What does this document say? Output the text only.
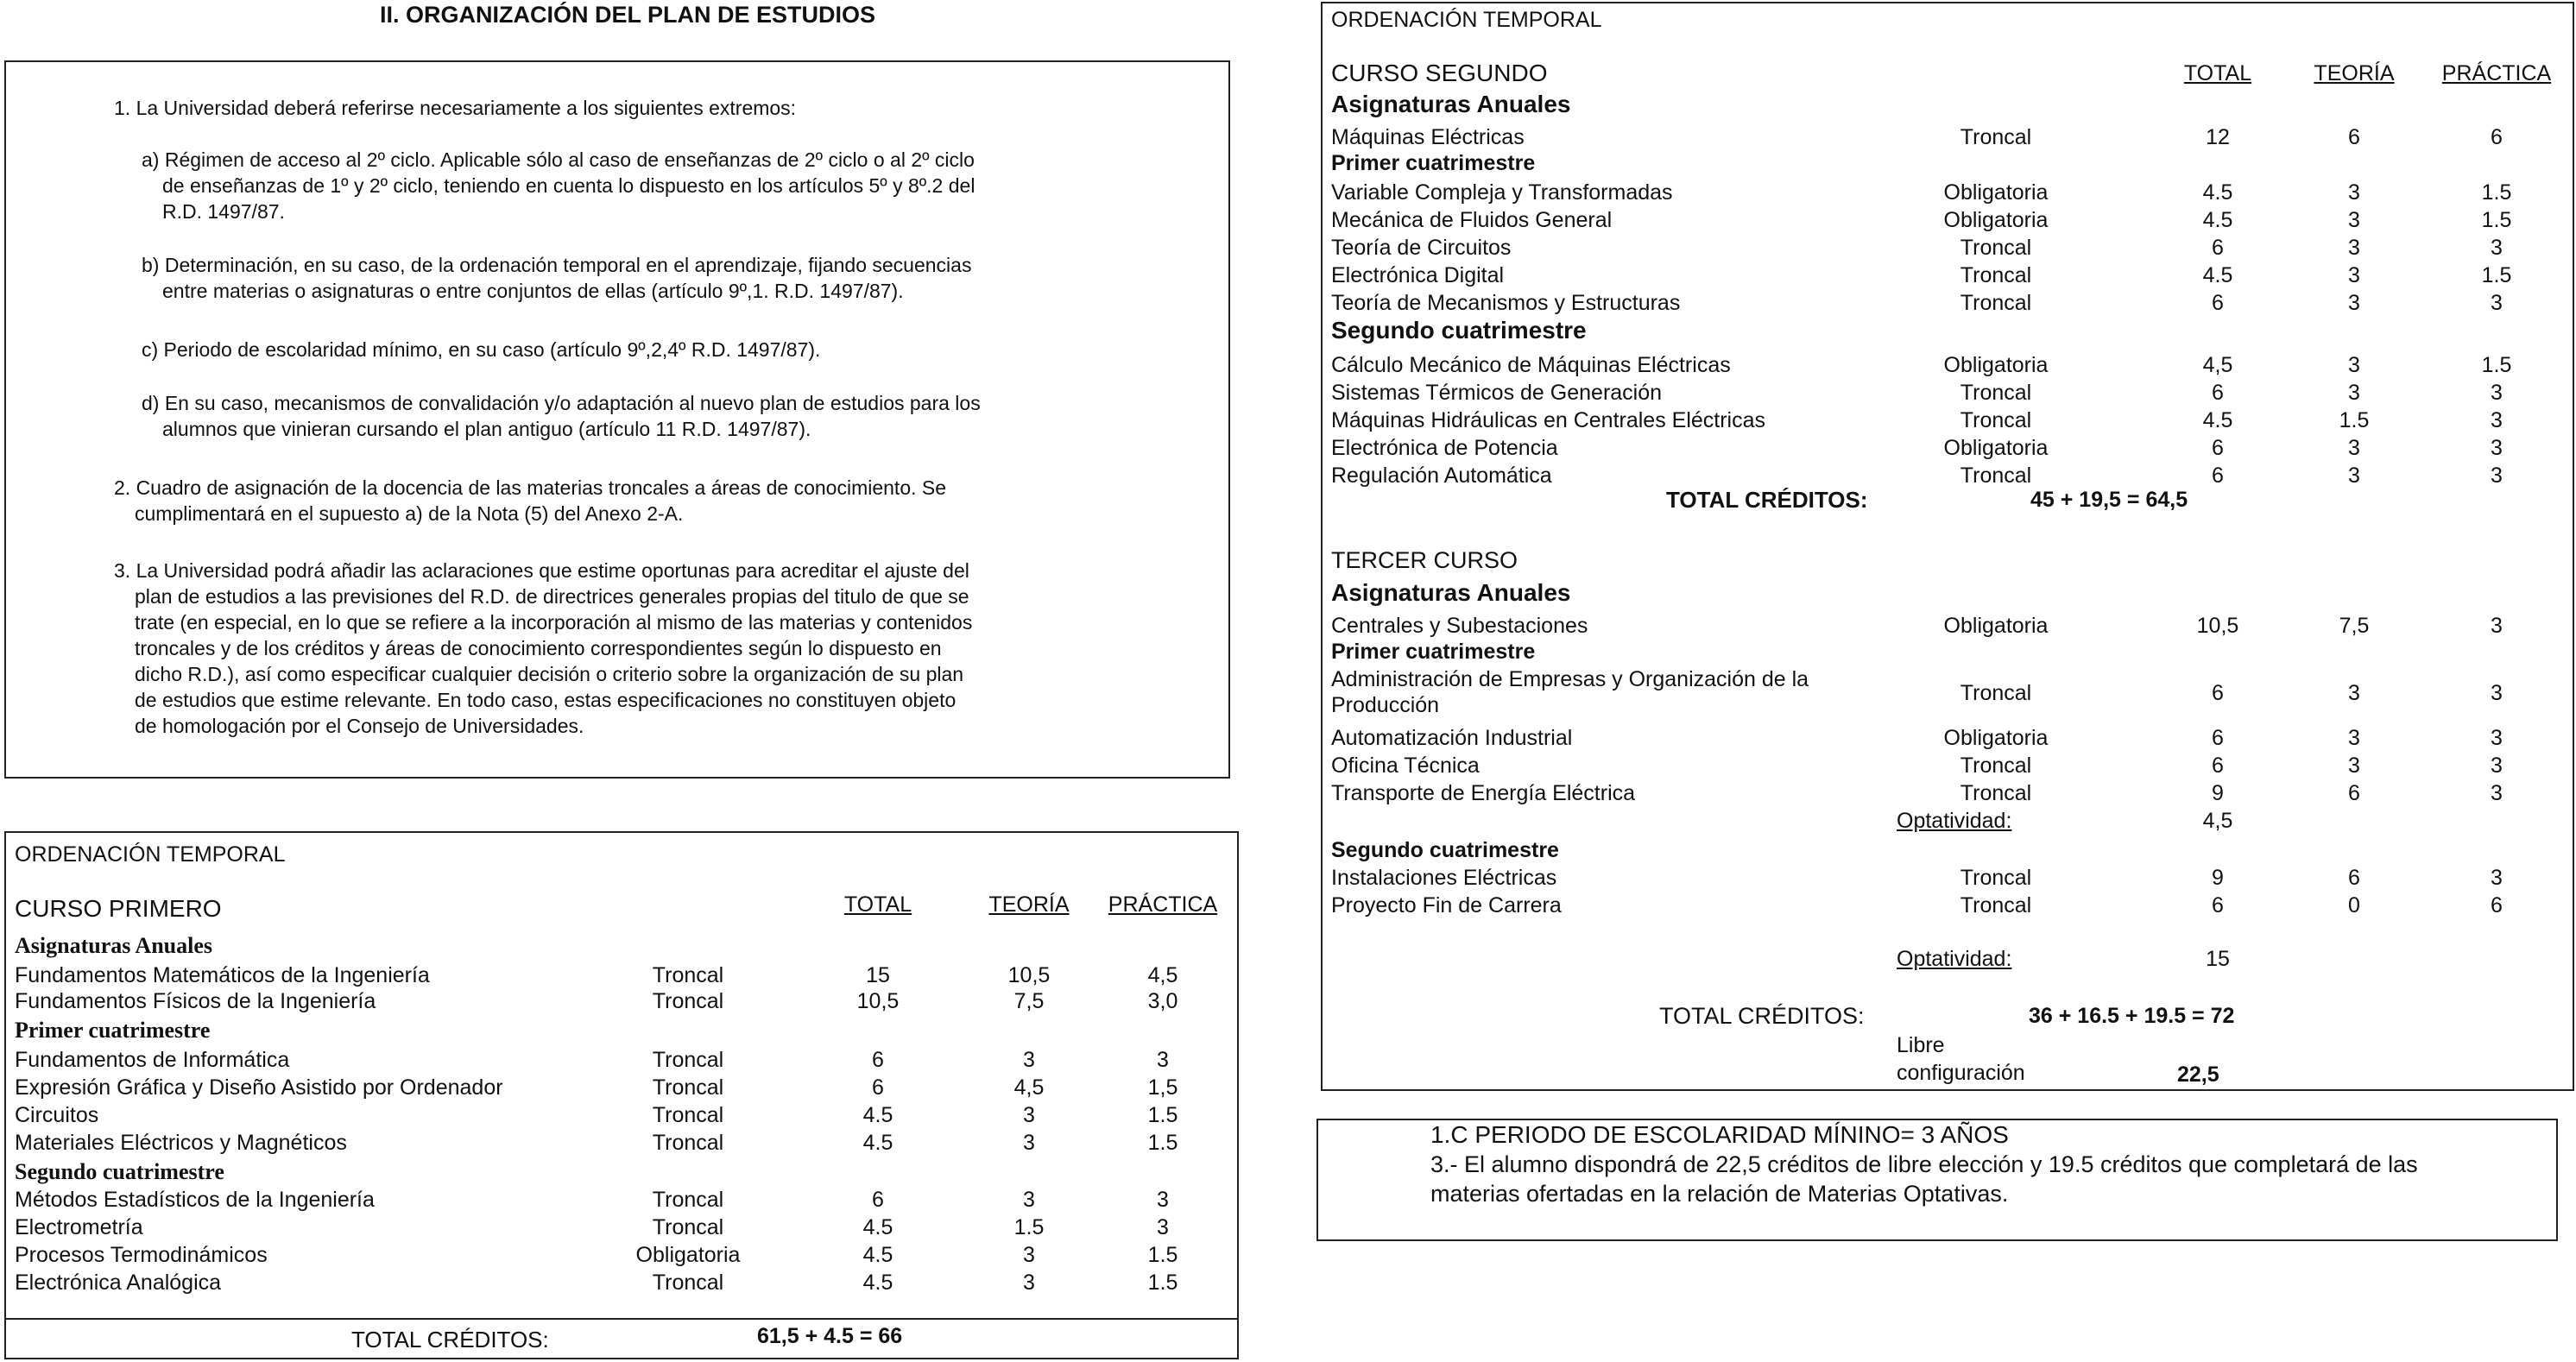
II. ORGANIZACIÓN DEL PLAN DE ESTUDIOS
1. La Universidad deberá referirse necesariamente a los siguientes extremos:
a) Régimen de acceso al 2º ciclo. Aplicable sólo al caso de enseñanzas de 2º ciclo o al 2º ciclo
de enseñanzas de 1º y 2º ciclo, teniendo en cuenta lo dispuesto en los artículos 5º y 8º.2 del
R.D. 1497/87.
b) Determinación, en su caso, de la ordenación temporal en el aprendizaje, fijando secuencias
entre materias o asignaturas o entre conjuntos de ellas (artículo 9º,1. R.D. 1497/87).
c) Periodo de escolaridad mínimo, en su caso (artículo 9º,2,4º R.D. 1497/87).
d) En su caso, mecanismos de convalidación y/o adaptación al nuevo plan de estudios para los
alumnos que vinieran cursando el plan antiguo (artículo 11 R.D. 1497/87).
2. Cuadro de asignación de la docencia de las materias troncales a áreas de conocimiento. Se
cumplimentará en el supuesto a) de la Nota (5) del Anexo 2-A.
3. La Universidad podrá añadir las aclaraciones que estime oportunas para acreditar el ajuste del
plan de estudios a las previsiones del R.D. de directrices generales propias del titulo de que se
trate (en especial, en lo que se refiere a la incorporación al mismo de las materias y contenidos
troncales y de los créditos y áreas de conocimiento correspondientes según lo dispuesto en
dicho R.D.), así como especificar cualquier decisión o criterio sobre la organización de su plan
de estudios que estime relevante. En todo caso, estas especificaciones no constituyen objeto
de homologación por el Consejo de Universidades.
ORDENACIÓN TEMPORAL
CURSO PRIMERO	TOTAL	TEORÍA	PRÁCTICA
Asignaturas Anuales
Fundamentos Matemáticos de la Ingeniería	Troncal	15	10,5	4,5
Fundamentos Físicos de la Ingeniería	Troncal	10,5	7,5	3,0
Primer cuatrimestre
Fundamentos de Informática	Troncal	6	3	3
Expresión Gráfica y Diseño Asistido por Ordenador	Troncal	6	4,5	1,5
Circuitos	Troncal	4.5	3	1.5
Materiales Eléctricos y Magnéticos	Troncal	4.5	3	1.5
Segundo cuatrimestre
Métodos Estadísticos de la Ingeniería	Troncal	6	3	3
Electrometría	Troncal	4.5	1.5	3
Procesos Termodinámicos	Obligatoria	4.5	3	1.5
Electrónica Analógica	Troncal	4.5	3	1.5
TOTAL CRÉDITOS:	61,5 + 4.5 = 66
ORDENACIÓN TEMPORAL
CURSO SEGUNDO	TOTAL	TEORÍA	PRÁCTICA
Asignaturas Anuales
Máquinas Eléctricas	Troncal	12	6	6
Primer cuatrimestre
Variable Compleja y Transformadas	Obligatoria	4.5	3	1.5
Mecánica de Fluidos General	Obligatoria	4.5	3	1.5
Teoría de Circuitos	Troncal	6	3	3
Electrónica Digital	Troncal	4.5	3	1.5
Teoría de Mecanismos y Estructuras	Troncal	6	3	3
Segundo cuatrimestre
Cálculo Mecánico de Máquinas Eléctricas	Obligatoria	4,5	3	1.5
Sistemas Térmicos de Generación	Troncal	6	3	3
Máquinas Hidráulicas en Centrales Eléctricas	Troncal	4.5	1.5	3
Electrónica de Potencia	Obligatoria	6	3	3
Regulación Automática	Troncal	6	3	3
TOTAL CRÉDITOS:	45 + 19,5 = 64,5
TERCER CURSO
Asignaturas Anuales
Centrales y Subestaciones	Obligatoria	10,5	7,5	3
Primer cuatrimestre
Administración de Empresas y Organización de la
Producción	Troncal	6	3	3
Automatización Industrial	Obligatoria	6	3	3
Oficina Técnica	Troncal	6	3	3
Transporte de Energía Eléctrica	Troncal	9	6	3
Optatividad:	4,5
Segundo cuatrimestre
Instalaciones Eléctricas	Troncal	9	6	3
Proyecto Fin de Carrera	Troncal	6	0	6
Optatividad:	15
TOTAL CRÉDITOS:	36 + 16.5 + 19.5 = 72
Libre
configuración	22,5
1.C PERIODO DE ESCOLARIDAD MÍNINO= 3 AÑOS
3.- El alumno dispondrá de 22,5 créditos de libre elección y 19.5 créditos que completará de las
materias ofertadas en la relación de Materias Optativas.
